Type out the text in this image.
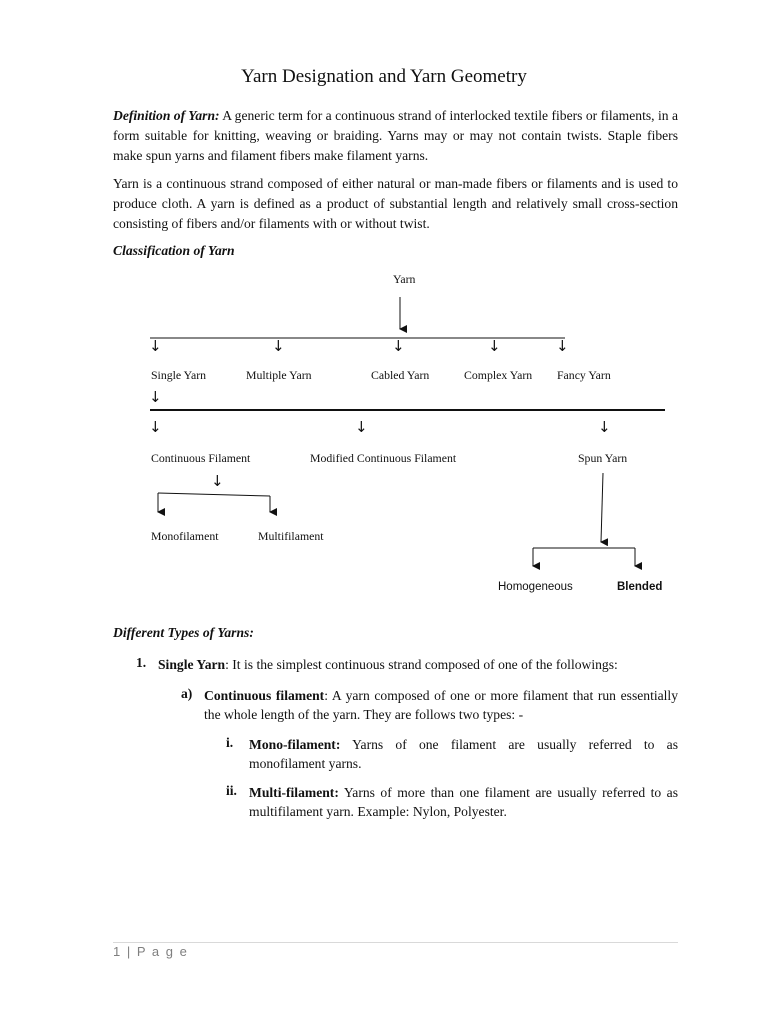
Yarn Designation and Yarn Geometry

Definition of Yarn: A generic term for a continuous strand of interlocked textile fibers or filaments, in a form suitable for knitting, weaving or braiding. Yarns may or may not contain twists. Staple fibers make spun yarns and filament fibers make filament yarns.

Yarn is a continuous strand composed of either natural or man-made fibers or filaments and is used to produce cloth. A yarn is defined as a product of substantial length and relatively small cross-section consisting of fibers and/or filaments with or without twist.

Classification of Yarn
Yarn
↓	↓	↓	↓	↓
Single Yarn	Multiple Yarn	Cabled Yarn	Complex Yarn Fancy Yarn
↓
↓	↓	↓
Continuous Filament	Modified Continuous Filament	Spun Yarn
↓
Monofilament	Multifilament
Homogeneous	Blended
Different Types of Yarns:
1. Single Yarn: It is the simplest continuous strand composed of one of the followings:

a) Continuous filament: A yarn composed of one or more filament that run essentially the whole length of the yarn. They are follows two types: -

i. Mono-filament: Yarns of one filament are usually referred to as monofilament yarns.

ii. Multi-filament: Yarns of more than one filament are usually referred to as multifilament yarn. Example: Nylon, Polyester.

1 | P a g e
